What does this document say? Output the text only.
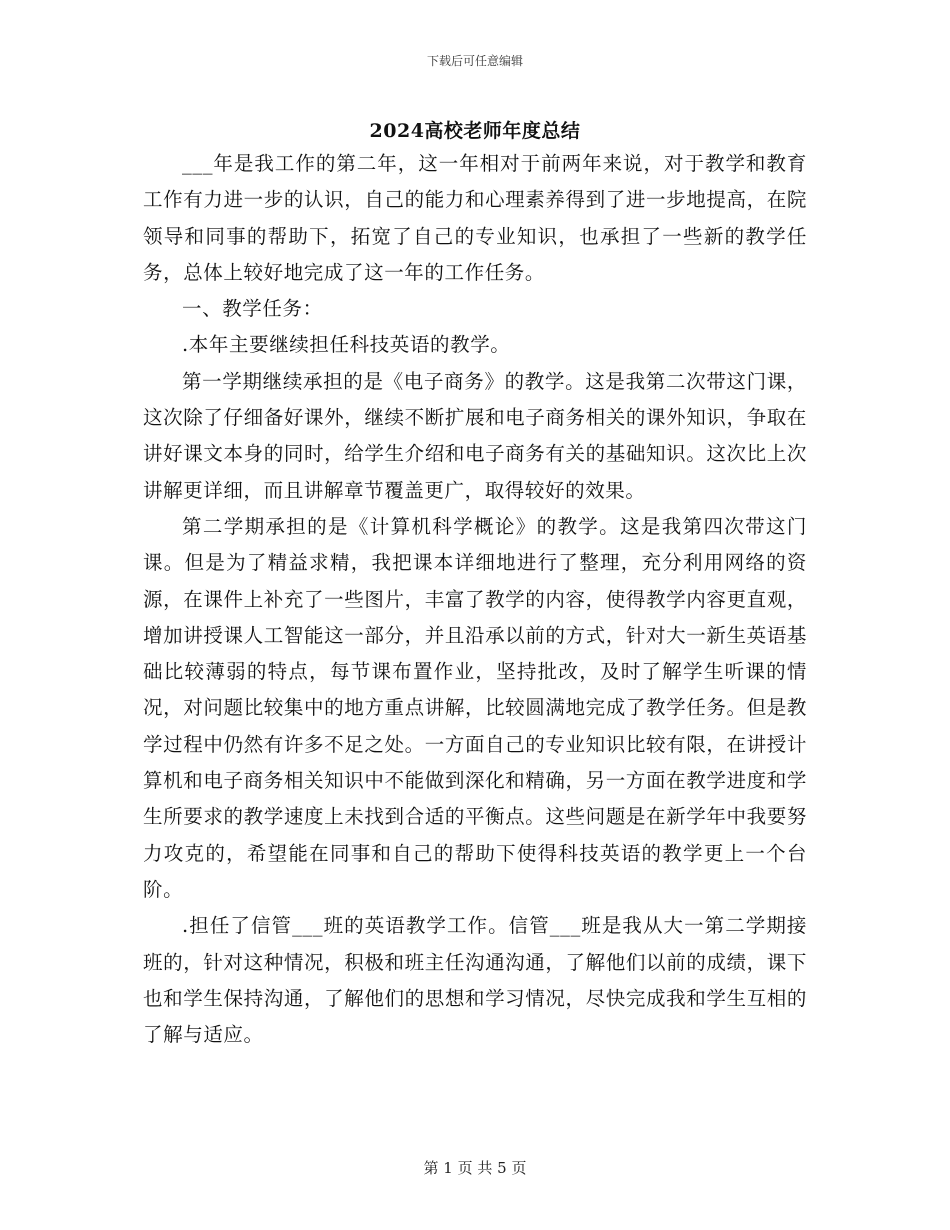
下载后可任意编辑
2024高校老师年度总结

___年是我工作的第二年，这一年相对于前两年来说，对于教学和教育工作有力进一步的认识，自己的能力和心理素养得到了进一步地提高，在院领导和同事的帮助下，拓宽了自己的专业知识，也承担了一些新的教学任务，总体上较好地完成了这一年的工作任务。

一、教学任务：

.本年主要继续担任科技英语的教学。

第一学期继续承担的是《电子商务》的教学。这是我第二次带这门课，这次除了仔细备好课外，继续不断扩展和电子商务相关的课外知识，争取在讲好课文本身的同时，给学生介绍和电子商务有关的基础知识。这次比上次讲解更详细，而且讲解章节覆盖更广，取得较好的效果。

第二学期承担的是《计算机科学概论》的教学。这是我第四次带这门课。但是为了精益求精，我把课本详细地进行了整理，充分利用网络的资源，在课件上补充了一些图片，丰富了教学的内容，使得教学内容更直观，增加讲授课人工智能这一部分，并且沿承以前的方式，针对大一新生英语基础比较薄弱的特点，每节课布置作业，坚持批改，及时了解学生听课的情况，对问题比较集中的地方重点讲解，比较圆满地完成了教学任务。但是教学过程中仍然有许多不足之处。一方面自己的专业知识比较有限，在讲授计算机和电子商务相关知识中不能做到深化和精确，另一方面在教学进度和学生所要求的教学速度上未找到合适的平衡点。这些问题是在新学年中我要努力攻克的，希望能在同事和自己的帮助下使得科技英语的教学更上一个台阶。

.担任了信管___班的英语教学工作。信管___班是我从大一第二学期接班的，针对这种情况，积极和班主任沟通沟通，了解他们以前的成绩，课下也和学生保持沟通，了解他们的思想和学习情况，尽快完成我和学生互相的了解与适应。

第 1 页 共 5 页
